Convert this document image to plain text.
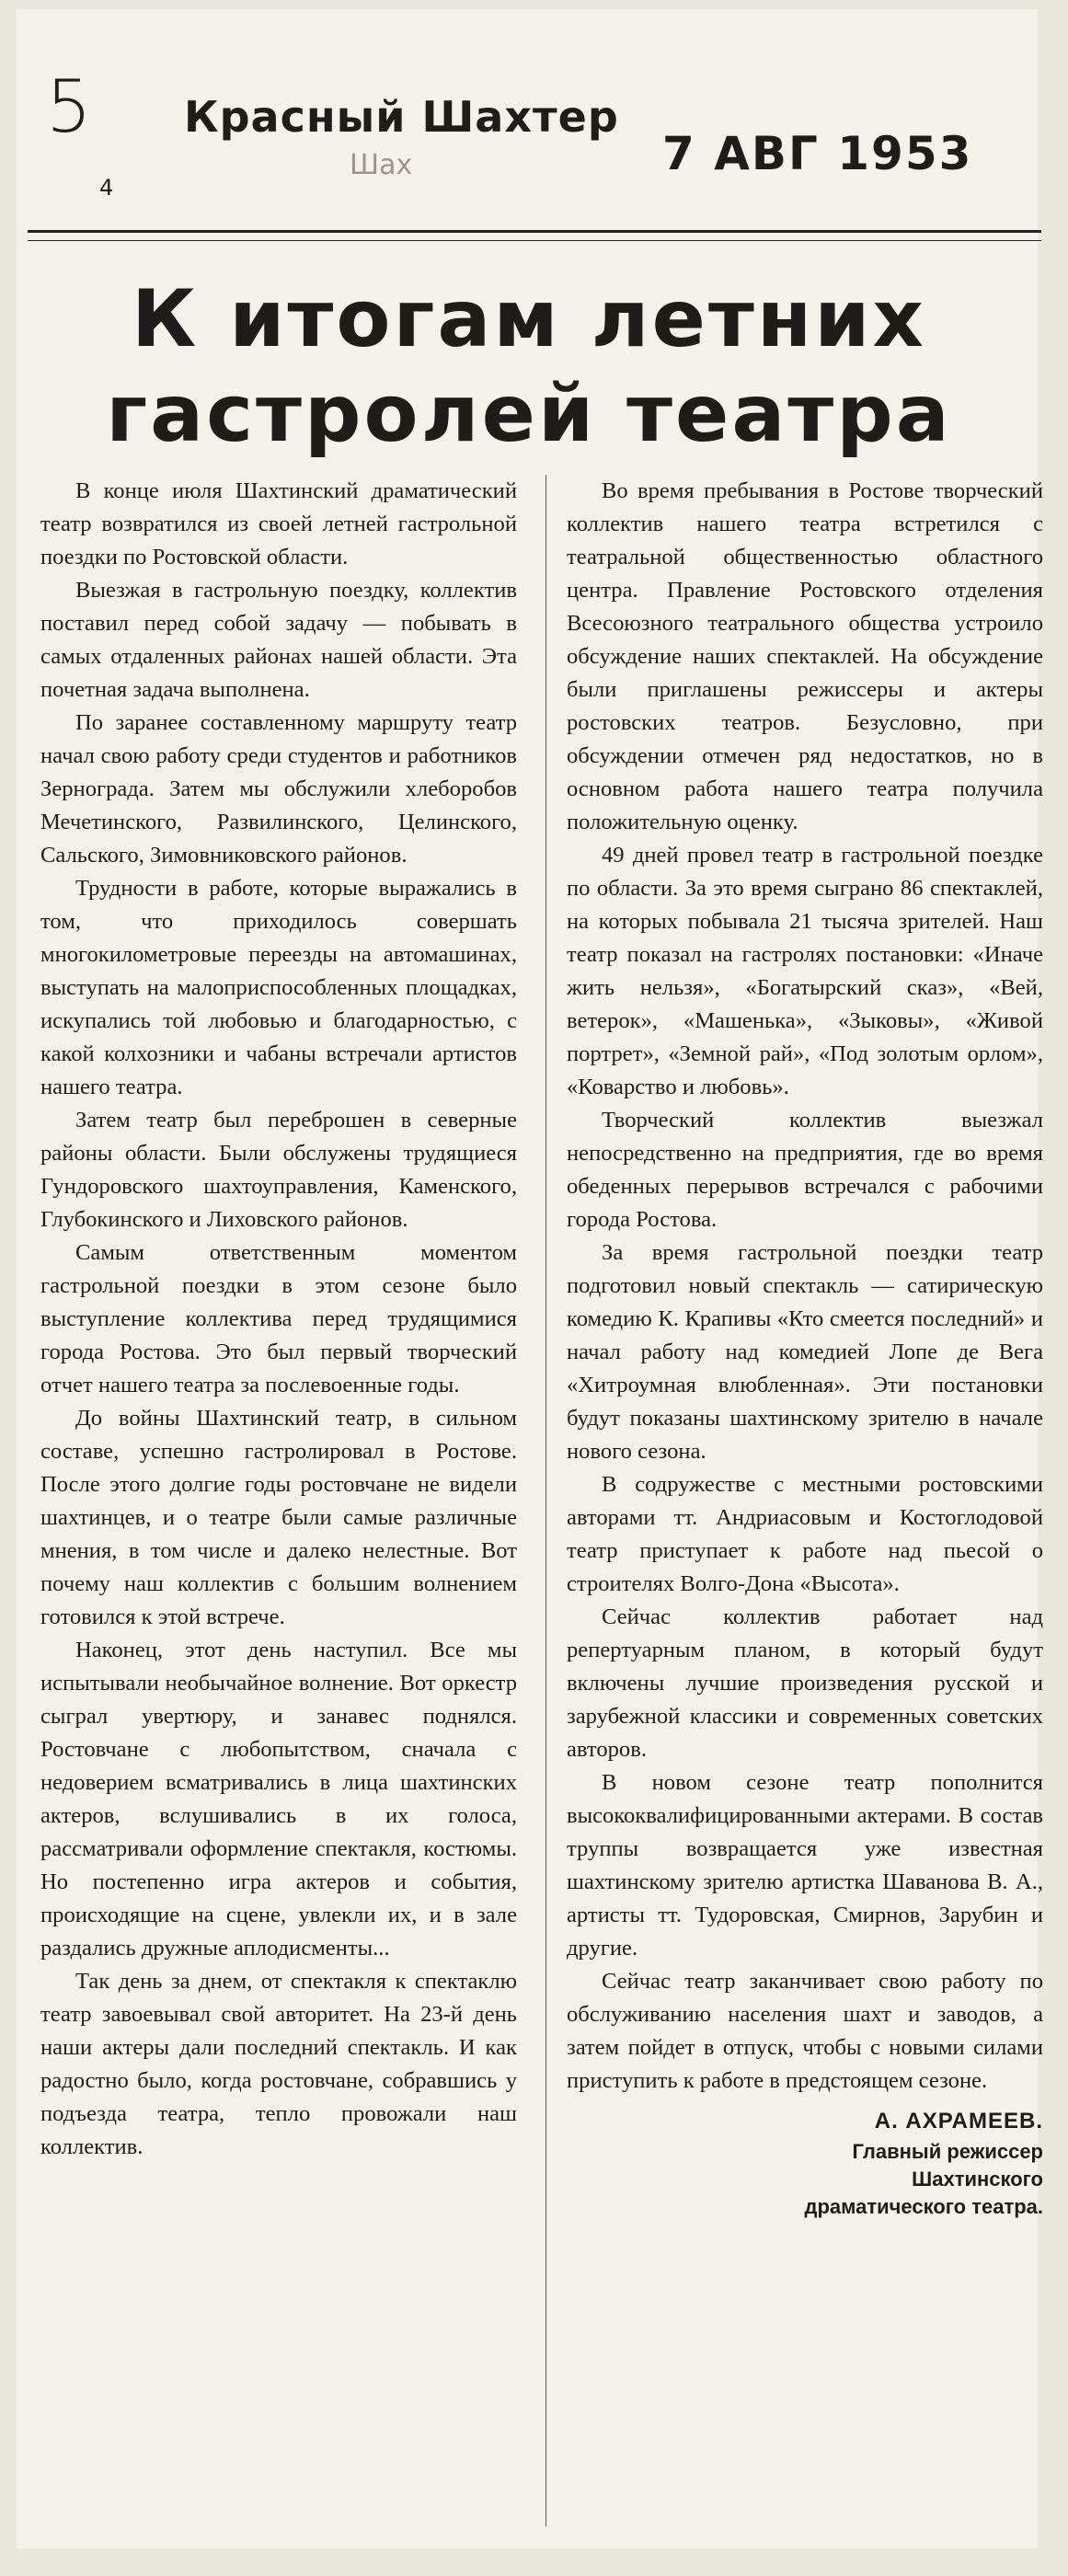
5
4
Красный Шахтер
Шах	7 АВГ 1953
К итогам летних
гастролей театра

В конце июля Шахтинский драматический театр возвратился из своей летней гастрольной поездки по Ростовской области.

Выезжая в гастрольную поездку, коллектив поставил перед собой задачу — побывать в самых отдаленных районах нашей области. Эта почетная задача выполнена.

По заранее составленному маршруту театр начал свою работу среди студентов и работников Зернограда. Затем мы обслужили хлеборобов Мечетинского, Развилинского, Целинского, Сальского, Зимовниковского районов.

Трудности в работе, которые выражались в том, что приходилось совершать многокилометровые переезды на автомашинах, выступать на малоприспособленных площадках, искупались той любовью и благодарностью, с какой колхозники и чабаны встречали артистов нашего театра.

Затем театр был переброшен в северные районы области. Были обслужены трудящиеся Гундоровского шахтоуправления, Каменского, Глубокинского и Лиховского районов.

Самым ответственным моментом гастрольной поездки в этом сезоне было выступление коллектива перед трудящимися города Ростова. Это был первый творческий отчет нашего театра за послевоенные годы.

До войны Шахтинский театр, в сильном составе, успешно гастролировал в Ростове. После этого долгие годы ростовчане не видели шахтинцев, и о театре были самые различные мнения, в том числе и далеко нелестные. Вот почему наш коллектив с большим волнением готовился к этой встрече.

Наконец, этот день наступил. Все мы испытывали необычайное волнение. Вот оркестр сыграл увертюру, и занавес поднялся. Ростовчане с любопытством, сначала с недоверием всматривались в лица шахтинских актеров, вслушивались в их голоса, рассматривали оформление спектакля, костюмы. Но постепенно игра актеров и события, происходящие на сцене, увлекли их, и в зале раздались дружные аплодисменты...

Так день за днем, от спектакля к спектаклю театр завоевывал свой авторитет. На 23-й день наши актеры дали последний спектакль. И как радостно было, когда ростовчане, собравшись у подъезда театра, тепло провожали наш коллектив.

Во время пребывания в Ростове творческий коллектив нашего театра встретился с театральной общественностью областного центра. Правление Ростовского отделения Всесоюзного театрального общества устроило обсуждение наших спектаклей. На обсуждение были приглашены режиссеры и актеры ростовских театров. Безусловно, при обсуждении отмечен ряд недостатков, но в основном работа нашего театра получила положительную оценку.

49 дней провел театр в гастрольной поездке по области. За это время сыграно 86 спектаклей, на которых побывала 21 тысяча зрителей. Наш театр показал на гастролях постановки: «Иначе жить нельзя», «Богатырский сказ», «Вей, ветерок», «Машенька», «Зыковы», «Живой портрет», «Земной рай», «Под золотым орлом», «Коварство и любовь».

Творческий коллектив выезжал непосредственно на предприятия, где во время обеденных перерывов встречался с рабочими города Ростова.

За время гастрольной поездки театр подготовил новый спектакль — сатирическую комедию К. Крапивы «Кто смеется последний» и начал работу над комедией Лопе де Вега «Хитроумная влюбленная». Эти постановки будут показаны шахтинскому зрителю в начале нового сезона.

В содружестве с местными ростовскими авторами тт. Андриасовым и Костоглодовой театр приступает к работе над пьесой о строителях Волго-Дона «Высота».

Сейчас коллектив работает над репертуарным планом, в который будут включены лучшие произведения русской и зарубежной классики и современных советских авторов.

В новом сезоне театр пополнится высококвалифицированными актерами. В состав труппы возвращается уже известная шахтинскому зрителю артистка Шаванова В. А., артисты тт. Тудоровская, Смирнов, Зарубин и другие.

Сейчас театр заканчивает свою работу по обслуживанию населения шахт и заводов, а затем пойдет в отпуск, чтобы с новыми силами приступить к работе в предстоящем сезоне.

А. АХРАМЕЕВ.
Главный режиссер
Шахтинского
драматического театра.
